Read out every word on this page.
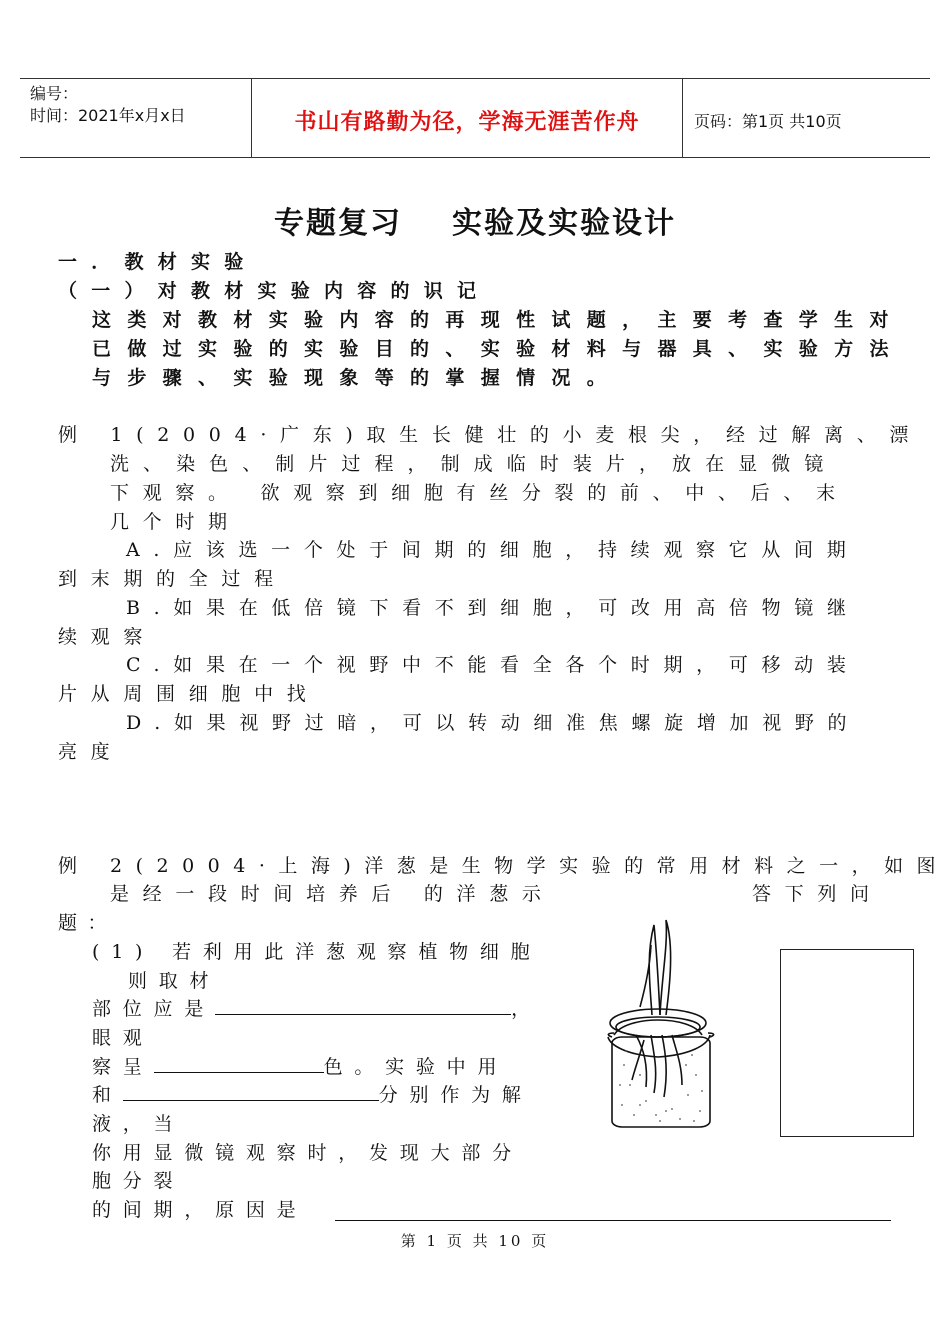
编号：
时间：2021年x月x日	书山有路勤为径，学海无涯苦作舟	页码：第1页 共10页
专题复习 实验及实验设计
一．教材实验
（一）对教材实验内容的识记
这类对教材实验内容的再现性试题，主要考查学生对
已做过实验的实验目的、实验材料与器具、实验方法
与步骤、实验现象等的掌握情况。
例 1(2004·广东)取生长健壮的小麦根尖，经过解离、漂
洗、染色、制片过程，制成临时装片，放在显微镜
下观察。 欲观察到细胞有丝分裂的前、中、后、末
几个时期
A.应该选一个处于间期的细胞，持续观察它从间期
到末期的全过程
B.如果在低倍镜下看不到细胞，可改用高倍物镜继
续观察
C.如果在一个视野中不能看全各个时期，可移动装
片从周围细胞中找
D.如果视野过暗，可以转动细准焦螺旋增加视野的
亮度
例 2(2004·上海)洋葱是生物学实验的常用材料之一，如图
是经一段时间培养后 的洋葱示	答下列问
题：
(1) 若利用此洋葱观察植物细胞
则取材
部位应是	，
眼观
察呈	色。实验中用
和	分别作为解
液，当
你用显微镜观察时，发现大部分
胞分裂
的间期，原因是
第 1 页 共 10 页
